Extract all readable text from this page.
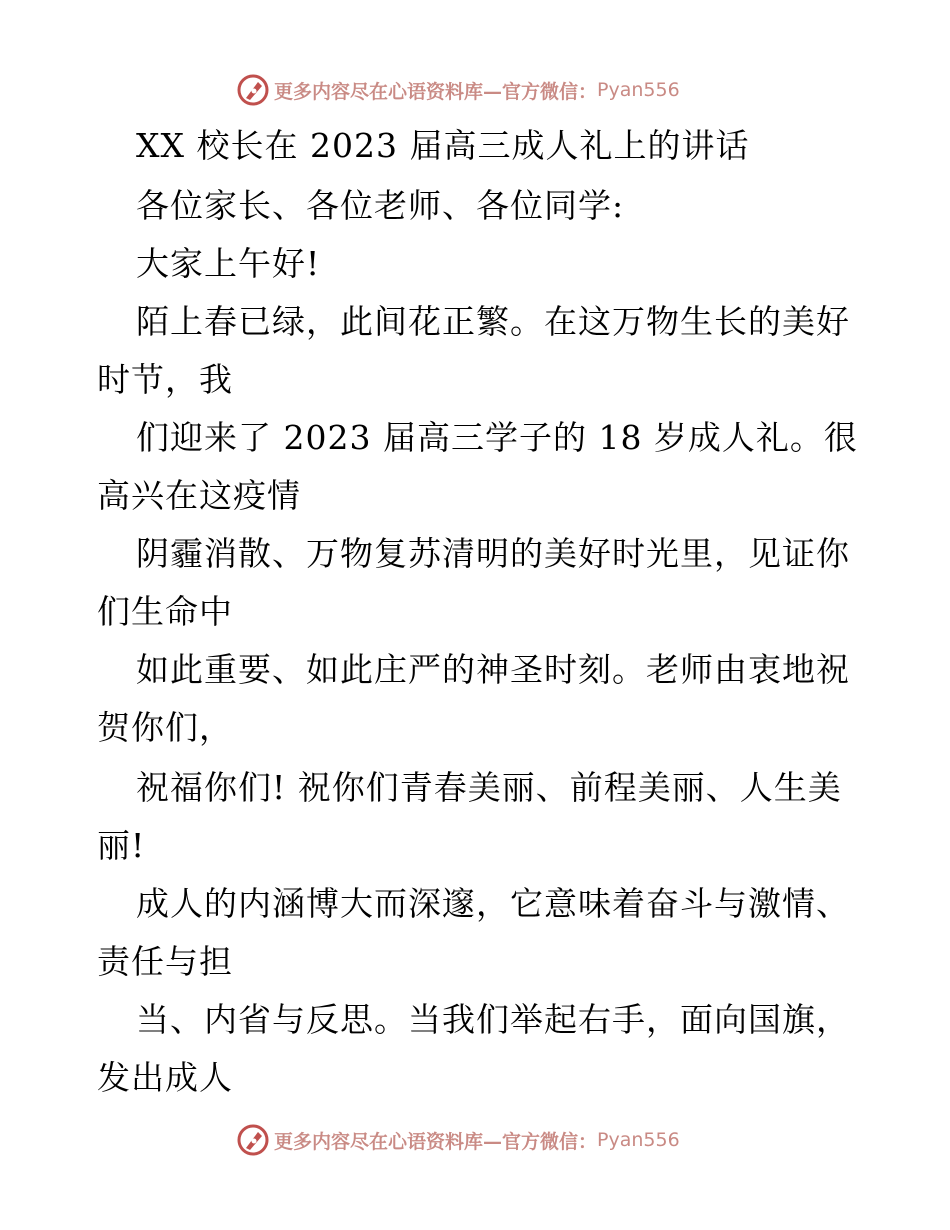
更多内容尽在心语资料库—官方微信： Pyan556
XX 校长在 2023 届高三成人礼上的讲话
各位家长、各位老师、各位同学:
大家上午好!
陌上春已绿，此间花正繁。在这万物生长的美好
时节，我
们迎来了 2023 届高三学子的 18 岁成人礼。很
高兴在这疫情
阴霾消散、万物复苏清明的美好时光里，见证你
们生命中
如此重要、如此庄严的神圣时刻。老师由衷地祝
贺你们，
祝福你们! 祝你们青春美丽、前程美丽、人生美
丽!
成人的内涵博大而深邃，它意味着奋斗与激情、
责任与担
当、内省与反思。当我们举起右手，面向国旗，
发出成人
更多内容尽在心语资料库—官方微信： Pyan556
